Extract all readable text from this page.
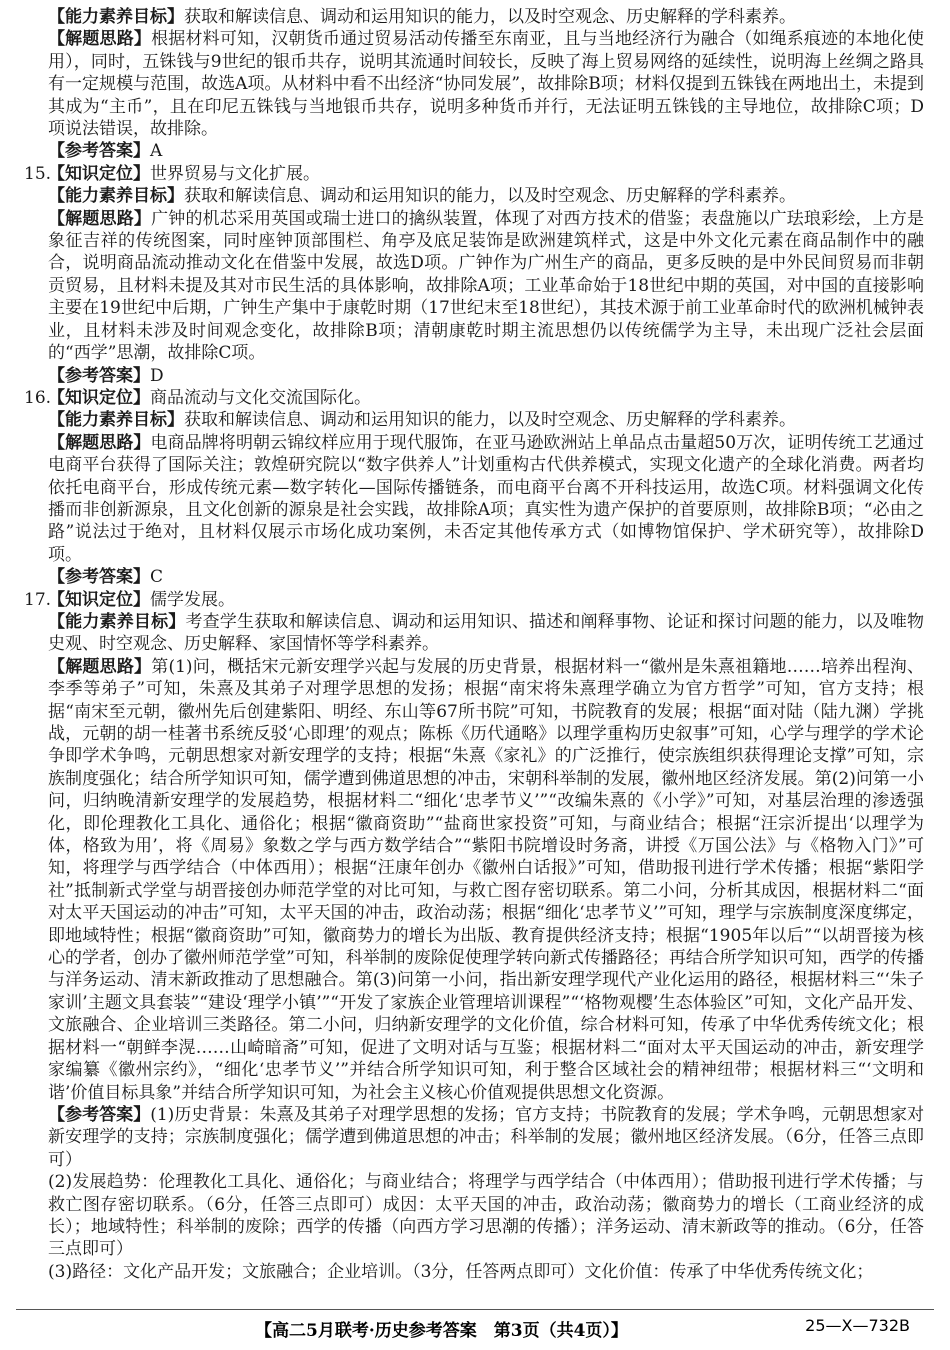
【能力素养目标】获取和解读信息、调动和运用知识的能力，以及时空观念、历史解释的学科素养。

【解题思路】根据材料可知，汉朝货币通过贸易活动传播至东南亚，且与当地经济行为融合（如绳系痕迹的本地化使用），同时，五铢钱与9世纪的银币共存，说明其流通时间较长，反映了海上贸易网络的延续性，说明海上丝绸之路具有一定规模与范围，故选A项。从材料中看不出经济“协同发展”，故排除B项；材料仅提到五铢钱在两地出土，未提到其成为“主币”，且在印尼五铢钱与当地银币共存，说明多种货币并行，无法证明五铢钱的主导地位，故排除C项；D项说法错误，故排除。

【参考答案】A

15.
【知识定位】世界贸易与文化扩展。

【能力素养目标】获取和解读信息、调动和运用知识的能力，以及时空观念、历史解释的学科素养。

【解题思路】广钟的机芯采用英国或瑞士进口的擒纵装置，体现了对西方技术的借鉴；表盘施以广珐琅彩绘，上方是象征吉祥的传统图案，同时座钟顶部围栏、角亭及底足装饰是欧洲建筑样式，这是中外文化元素在商品制作中的融合，说明商品流动推动文化在借鉴中发展，故选D项。广钟作为广州生产的商品，更多反映的是中外民间贸易而非朝贡贸易，且材料未提及其对市民生活的具体影响，故排除A项；工业革命始于18世纪中期的英国，对中国的直接影响主要在19世纪中后期，广钟生产集中于康乾时期（17世纪末至18世纪），其技术源于前工业革命时代的欧洲机械钟表业，且材料未涉及时间观念变化，故排除B项；清朝康乾时期主流思想仍以传统儒学为主导，未出现广泛社会层面的“西学”思潮，故排除C项。

【参考答案】D

16.
【知识定位】商品流动与文化交流国际化。

【能力素养目标】获取和解读信息、调动和运用知识的能力，以及时空观念、历史解释的学科素养。

【解题思路】电商品牌将明朝云锦纹样应用于现代服饰，在亚马逊欧洲站上单品点击量超50万次，证明传统工艺通过电商平台获得了国际关注；敦煌研究院以“数字供养人”计划重构古代供养模式，实现文化遗产的全球化消费。两者均依托电商平台，形成传统元素—数字转化—国际传播链条，而电商平台离不开科技运用，故选C项。材料强调文化传播而非创新源泉，且文化创新的源泉是社会实践，故排除A项；真实性为遗产保护的首要原则，故排除B项；“必由之路”说法过于绝对，且材料仅展示市场化成功案例，未否定其他传承方式（如博物馆保护、学术研究等），故排除D项。

【参考答案】C

17.
【知识定位】儒学发展。

【能力素养目标】考查学生获取和解读信息、调动和运用知识、描述和阐释事物、论证和探讨问题的能力，以及唯物史观、时空观念、历史解释、家国情怀等学科素养。

【解题思路】第(1)问，概括宋元新安理学兴起与发展的历史背景，根据材料一“徽州是朱熹祖籍地……培养出程洵、李季等弟子”可知，朱熹及其弟子对理学思想的发扬；根据“南宋将朱熹理学确立为官方哲学”可知，官方支持；根据“南宋至元朝，徽州先后创建紫阳、明经、东山等67所书院”可知，书院教育的发展；根据“面对陆（陆九渊）学挑战，元朝的胡一桂著书系统反驳‘心即理’的观点；陈栎《历代通略》以理学重构历史叙事”可知，心学与理学的学术论争即学术争鸣，元朝思想家对新安理学的支持；根据“朱熹《家礼》的广泛推行，使宗族组织获得理论支撑”可知，宗族制度强化；结合所学知识可知，儒学遭到佛道思想的冲击，宋朝科举制的发展，徽州地区经济发展。第(2)问第一小问，归纳晚清新安理学的发展趋势，根据材料二“细化‘忠孝节义’”“改编朱熹的《小学》”可知，对基层治理的渗透强化，即伦理教化工具化、通俗化；根据“徽商资助”“盐商世家投资”可知，与商业结合；根据“汪宗沂提出‘以理学为体，格致为用’，将《周易》象数之学与西方数学结合”“紫阳书院增设时务斋，讲授《万国公法》与《格物入门》”可知，将理学与西学结合（中体西用）；根据“汪康年创办《徽州白话报》”可知，借助报刊进行学术传播；根据“紫阳学社”抵制新式学堂与胡晋接创办师范学堂的对比可知，与救亡图存密切联系。第二小问，分析其成因，根据材料二“面对太平天国运动的冲击”可知，太平天国的冲击，政治动荡；根据“细化‘忠孝节义’”可知，理学与宗族制度深度绑定，即地域特性；根据“徽商资助”可知，徽商势力的增长为出版、教育提供经济支持；根据“1905年以后”“以胡晋接为核心的学者，创办了徽州师范学堂”可知，科举制的废除促使理学转向新式传播路径；再结合所学知识可知，西学的传播与洋务运动、清末新政推动了思想融合。第(3)问第一小问，指出新安理学现代产业化运用的路径，根据材料三“‘朱子家训’主题文具套装”“建设‘理学小镇’”“开发了家族企业管理培训课程”“‘格物观樱’生态体验区”可知，文化产品开发、文旅融合、企业培训三类路径。第二小问，归纳新安理学的文化价值，综合材料可知，传承了中华优秀传统文化；根据材料一“朝鲜李滉……山崎暗斋”可知，促进了文明对话与互鉴；根据材料二“面对太平天国运动的冲击，新安理学家编纂《徽州宗约》，“细化‘忠孝节义’”并结合所学知识可知，利于整合区域社会的精神纽带；根据材料三“‘文明和谐’价值目标具象”并结合所学知识可知，为社会主义核心价值观提供思想文化资源。

【参考答案】(1)历史背景：朱熹及其弟子对理学思想的发扬；官方支持；书院教育的发展；学术争鸣，元朝思想家对新安理学的支持；宗族制度强化；儒学遭到佛道思想的冲击；科举制的发展；徽州地区经济发展。（6分，任答三点即可）

(2)发展趋势：伦理教化工具化、通俗化；与商业结合；将理学与西学结合（中体西用）；借助报刊进行学术传播；与救亡图存密切联系。（6分，任答三点即可）成因：太平天国的冲击，政治动荡；徽商势力的增长（工商业经济的成长）；地域特性；科举制的废除；西学的传播（向西方学习思潮的传播）；洋务运动、清末新政等的推动。（6分，任答三点即可）

(3)路径：文化产品开发；文旅融合；企业培训。（3分，任答两点即可）文化价值：传承了中华优秀传统文化；

【高二5月联考·历史参考答案　第3页（共4页）】	25—X—732B
